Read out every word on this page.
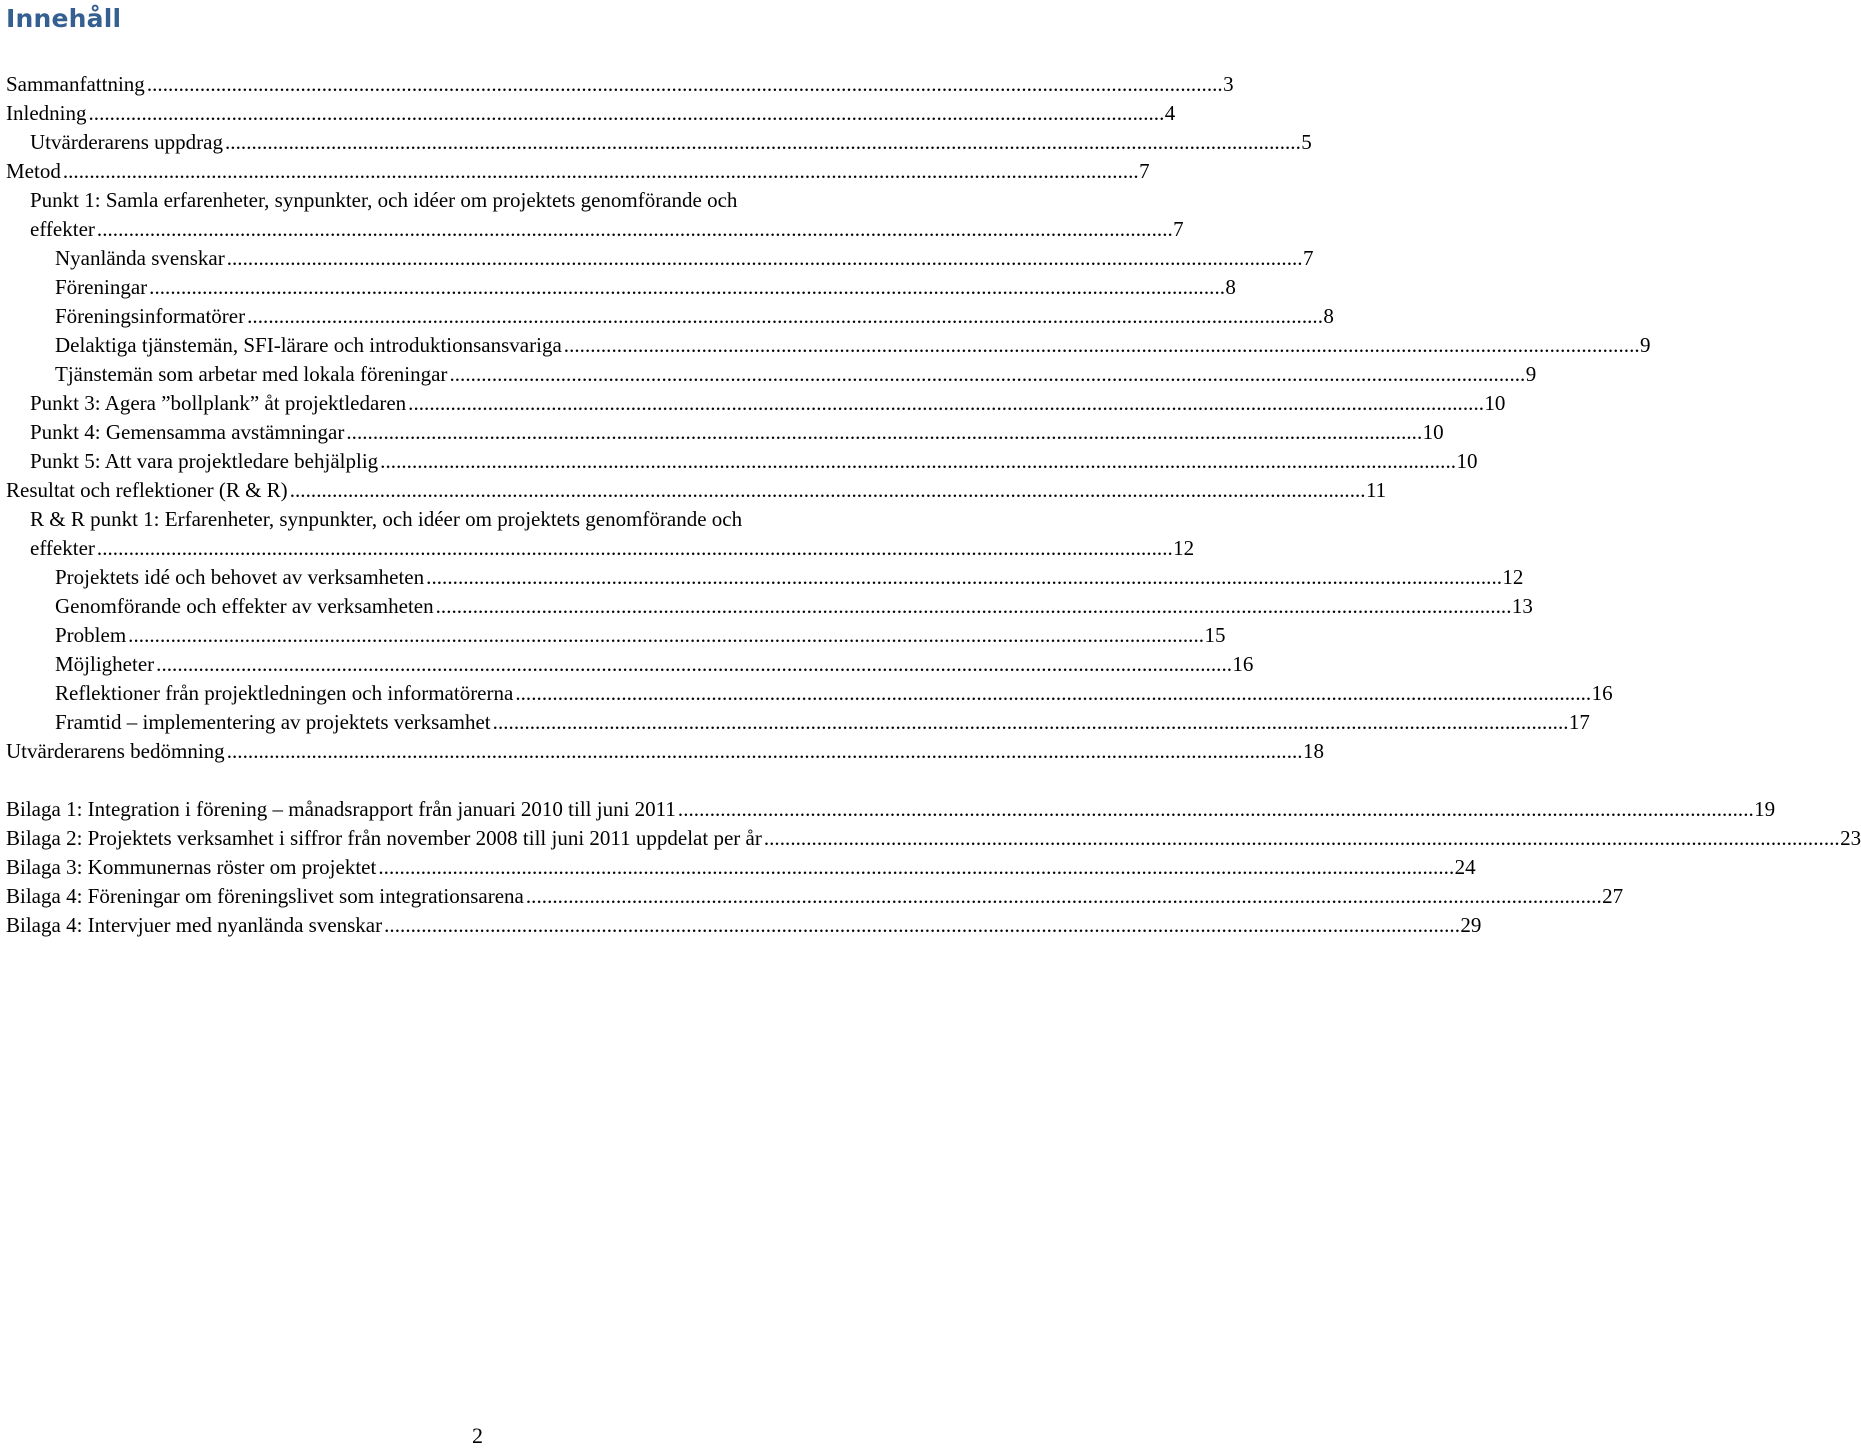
Innehåll
Sammanfattning . . .	3
Inledning . . .	4
Utvärderarens uppdrag . . .	5
Metod . . .	7
Punkt 1: Samla erfarenheter, synpunkter, och idéer om projektets genomförande och
effekter . . .	7
Nyanlända svenskar . . .	7
Föreningar . . .	8
Föreningsinformatörer . . .	8
Delaktiga tjänstemän, SFI-lärare och introduktionsansvariga . . .	9
Tjänstemän som arbetar med lokala föreningar . . .	9
Punkt 3: Agera ”bollplank” åt projektledaren . . .	10
Punkt 4: Gemensamma avstämningar . . .	10
Punkt 5: Att vara projektledare behjälplig . . .	10
Resultat och reflektioner (R & R) . . .	11
R & R punkt 1: Erfarenheter, synpunkter, och idéer om projektets genomförande och
effekter . . .	12
Projektets idé och behovet av verksamheten . . .	12
Genomförande och effekter av verksamheten . . .	13
Problem . . .	15
Möjligheter . . .	16
Reflektioner från projektledningen och informatörerna . . .	16
Framtid – implementering av projektets verksamhet . . .	17
Utvärderarens bedömning . . .	18
Bilaga 1: Integration i förening – månadsrapport från januari 2010 till juni 2011 . . .	19
Bilaga 2: Projektets verksamhet i siffror från november 2008 till juni 2011 uppdelat per år . . .	23
Bilaga 3: Kommunernas röster om projektet . . .	24
Bilaga 4: Föreningar om föreningslivet som integrationsarena . . .	27
Bilaga 4: Intervjuer med nyanlända svenskar . . .	29
2
